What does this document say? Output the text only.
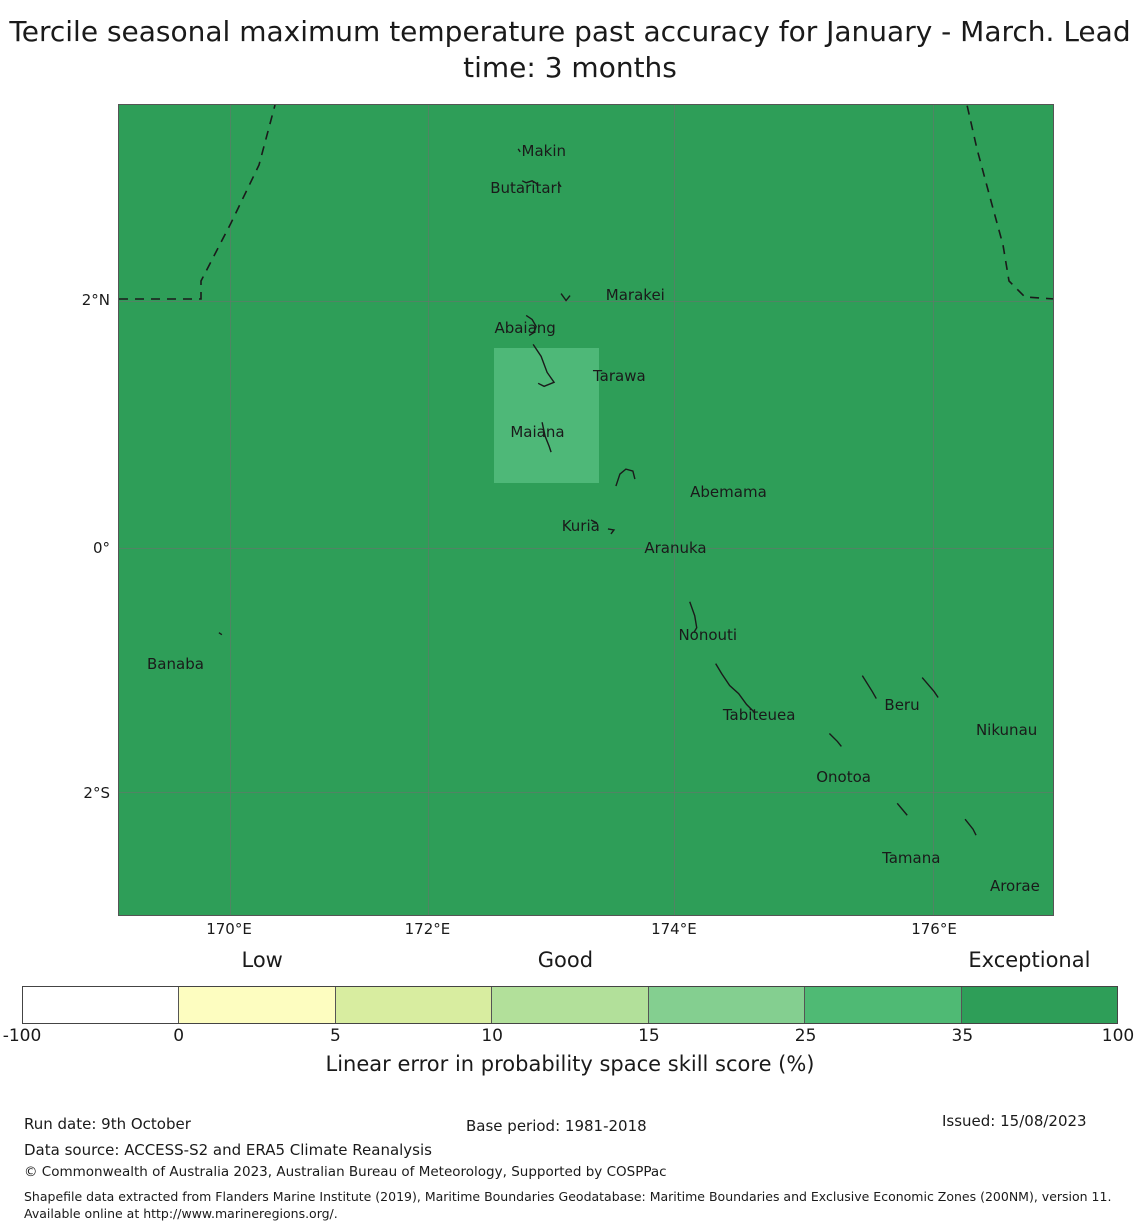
Tercile seasonal maximum temperature past accuracy for January - March. Lead time: 3 months
Makin
Butaritari
Marakei
Abaiang
Tarawa
Maiana
Abemama
Kuria
Aranuka
Banaba
Nonouti
Tabiteuea
Beru
Nikunau
Onotoa
Tamana
Arorae
2°N
0°
2°S
170°E	172°E	174°E	176°E
Low	Good	Exceptional
-100	0	5	10	15	25	35	100
Linear error in probability space skill score (%)
Run date: 9th October	Base period: 1981-2018	Issued: 15/08/2023
Data source: ACCESS-S2 and ERA5 Climate Reanalysis
© Commonwealth of Australia 2023, Australian Bureau of Meteorology, Supported by COSPPac
Shapefile data extracted from Flanders Marine Institute (2019), Maritime Boundaries Geodatabase: Maritime Boundaries and Exclusive Economic Zones (200NM), version 11. Available online at http://www.marineregions.org/.
